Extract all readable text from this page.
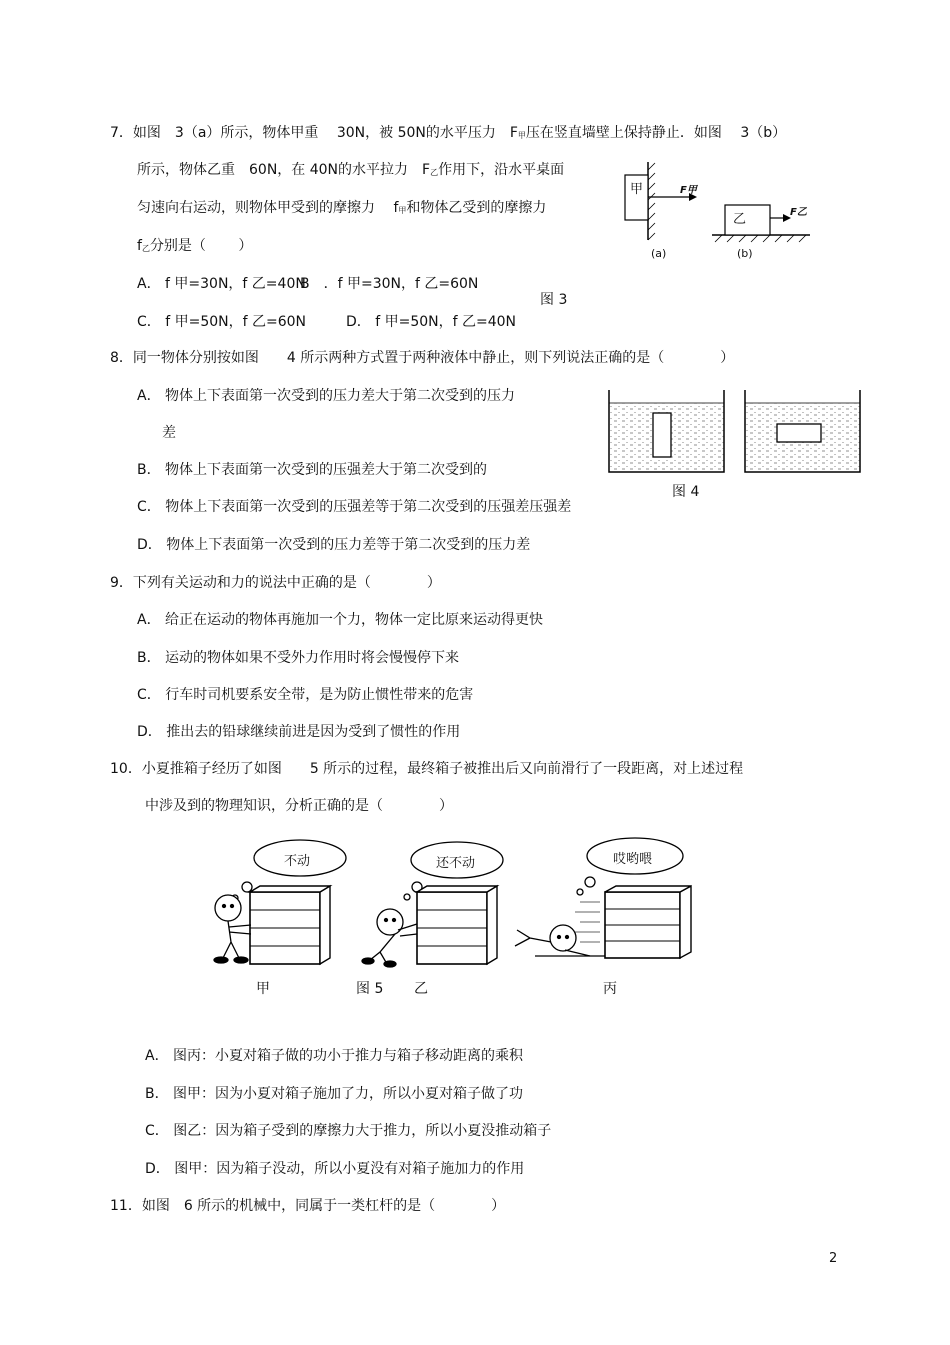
7．如图　3（a）所示，物体甲重　 30N，被 50N的水平压力　F甲压在竖直墙壁上保持静止．如图　 3（b）
所示，物体乙重　60N，在 40N的水平拉力　F乙作用下，沿水平桌面
匀速向右运动，则物体甲受到的摩擦力　 f甲和物体乙受到的摩擦力
f乙分别是（　　 ）
A． f 甲=30N，f 乙=40N
B　．f 甲=30N，f 乙=60N
C． f 甲=50N，f 乙=60N	D． f 甲=50N，f 乙=40N
甲	F甲
(a)
乙	F乙
(b)
图 3
8．同一物体分别按如图　　4 所示两种方式置于两种液体中静止，则下列说法正确的是（　　　　）
A． 物体上下表面第一次受到的压力差大于第二次受到的压力
差
B． 物体上下表面第一次受到的压强差大于第二次受到的
C． 物体上下表面第一次受到的压强差等于第二次受到的压强差压强差
D． 物体上下表面第一次受到的压力差等于第二次受到的压力差
图 4
9．下列有关运动和力的说法中正确的是（　　　　）
A． 给正在运动的物体再施加一个力，物体一定比原来运动得更快
B． 运动的物体如果不受外力作用时将会慢慢停下来
C． 行车时司机要系安全带，是为防止惯性带来的危害
D． 推出去的铅球继续前进是因为受到了惯性的作用
10．小夏推箱子经历了如图　　5 所示的过程，最终箱子被推出后又向前滑行了一段距离，对上述过程
中涉及到的物理知识，分析正确的是（　　　　）
不动	还不动	哎哟喂
甲	图 5 乙	丙
A． 图丙：小夏对箱子做的功小于推力与箱子移动距离的乘积
B． 图甲：因为小夏对箱子施加了力，所以小夏对箱子做了功
C． 图乙：因为箱子受到的摩擦力大于推力，所以小夏没推动箱子
D． 图甲：因为箱子没动，所以小夏没有对箱子施加力的作用
11．如图　6 所示的机械中，同属于一类杠杆的是（　　　　）
2
